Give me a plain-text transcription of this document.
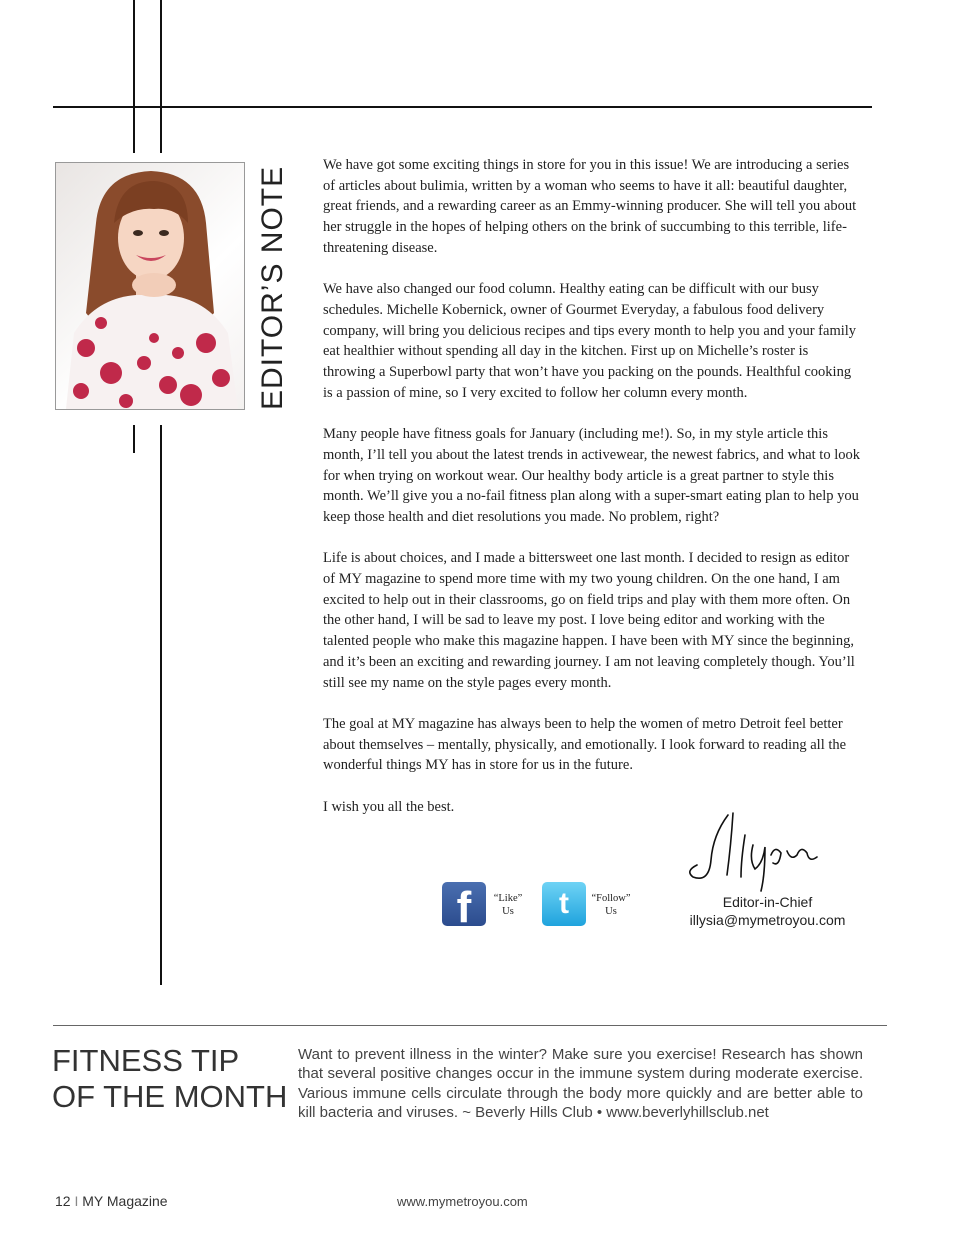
EDITOR’S NOTE

We have got some exciting things in store for you in this issue! We are introducing a series of articles about bulimia, written by a woman who seems to have it all: beautiful daughter, great friends, and a rewarding career as an Emmy-winning producer. She will tell you about her struggle in the hopes of helping others on the brink of succumbing to this terrible, life-threatening disease.

We have also changed our food column. Healthy eating can be difficult with our busy schedules. Michelle Kobernick, owner of Gourmet Everyday, a fabulous food delivery company, will bring you delicious recipes and tips every month to help you and your family eat healthier without spending all day in the kitchen. First up on Michelle’s roster is throwing a Superbowl party that won’t have you packing on the pounds. Healthful cooking is a passion of mine, so I very excited to follow her column every month.

Many people have fitness goals for January (including me!). So, in my style article this month, I’ll tell you about the latest trends in activewear, the newest fabrics, and what to look for when trying on workout wear. Our healthy body article is a great partner to style this month. We’ll give you a no-fail fitness plan along with a super-smart eating plan to help you keep those health and diet resolutions you made. No problem, right?

Life is about choices, and I made a bittersweet one last month. I decided to resign as editor of MY magazine to spend more time with my two young children. On the one hand, I am excited to help out in their classrooms, go on field trips and play with them more often. On the other hand, I will be sad to leave my post. I love being editor and working with the talented people who make this magazine happen. I have been with MY since the beginning, and it’s been an exciting and rewarding journey. I am not leaving completely though. You’ll still see my name on the style pages every month.

The goal at MY magazine has always been to help the women of metro Detroit feel better about themselves – mentally, physically, and emotionally. I look forward to reading all the wonderful things MY has in store for us in the future.

I wish you all the best.

f	“Like”
Us	t	“Follow”
Us
Editor-in-Chief
illysia@mymetroyou.com
FITNESS TIP
OF THE MONTH
Want to prevent illness in the winter? Make sure you exercise! Research has shown that several positive changes occur in the immune system during moderate exercise. Various immune cells circulate through the body more quickly and are better able to kill bacteria and viruses. ~ Beverly Hills Club • www.beverlyhillsclub.net
12 I MY Magazine	www.mymetroyou.com
